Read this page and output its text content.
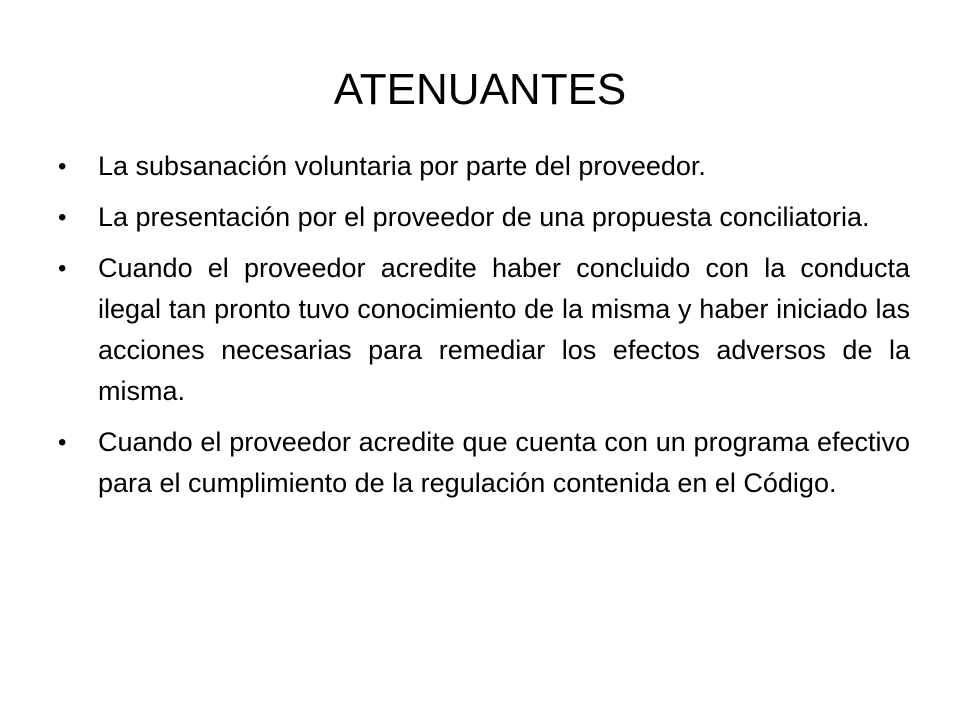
ATENUANTES
•	La subsanación voluntaria por parte del proveedor.
•	La presentación por el proveedor de una propuesta conciliatoria.
•	Cuando el proveedor acredite haber concluido con la conducta ilegal tan pronto tuvo conocimiento de la misma y haber iniciado las acciones necesarias para remediar los efectos adversos de la misma.
•	Cuando el proveedor acredite que cuenta con un programa efectivo para el cumplimiento de la regulación contenida en el Código.
